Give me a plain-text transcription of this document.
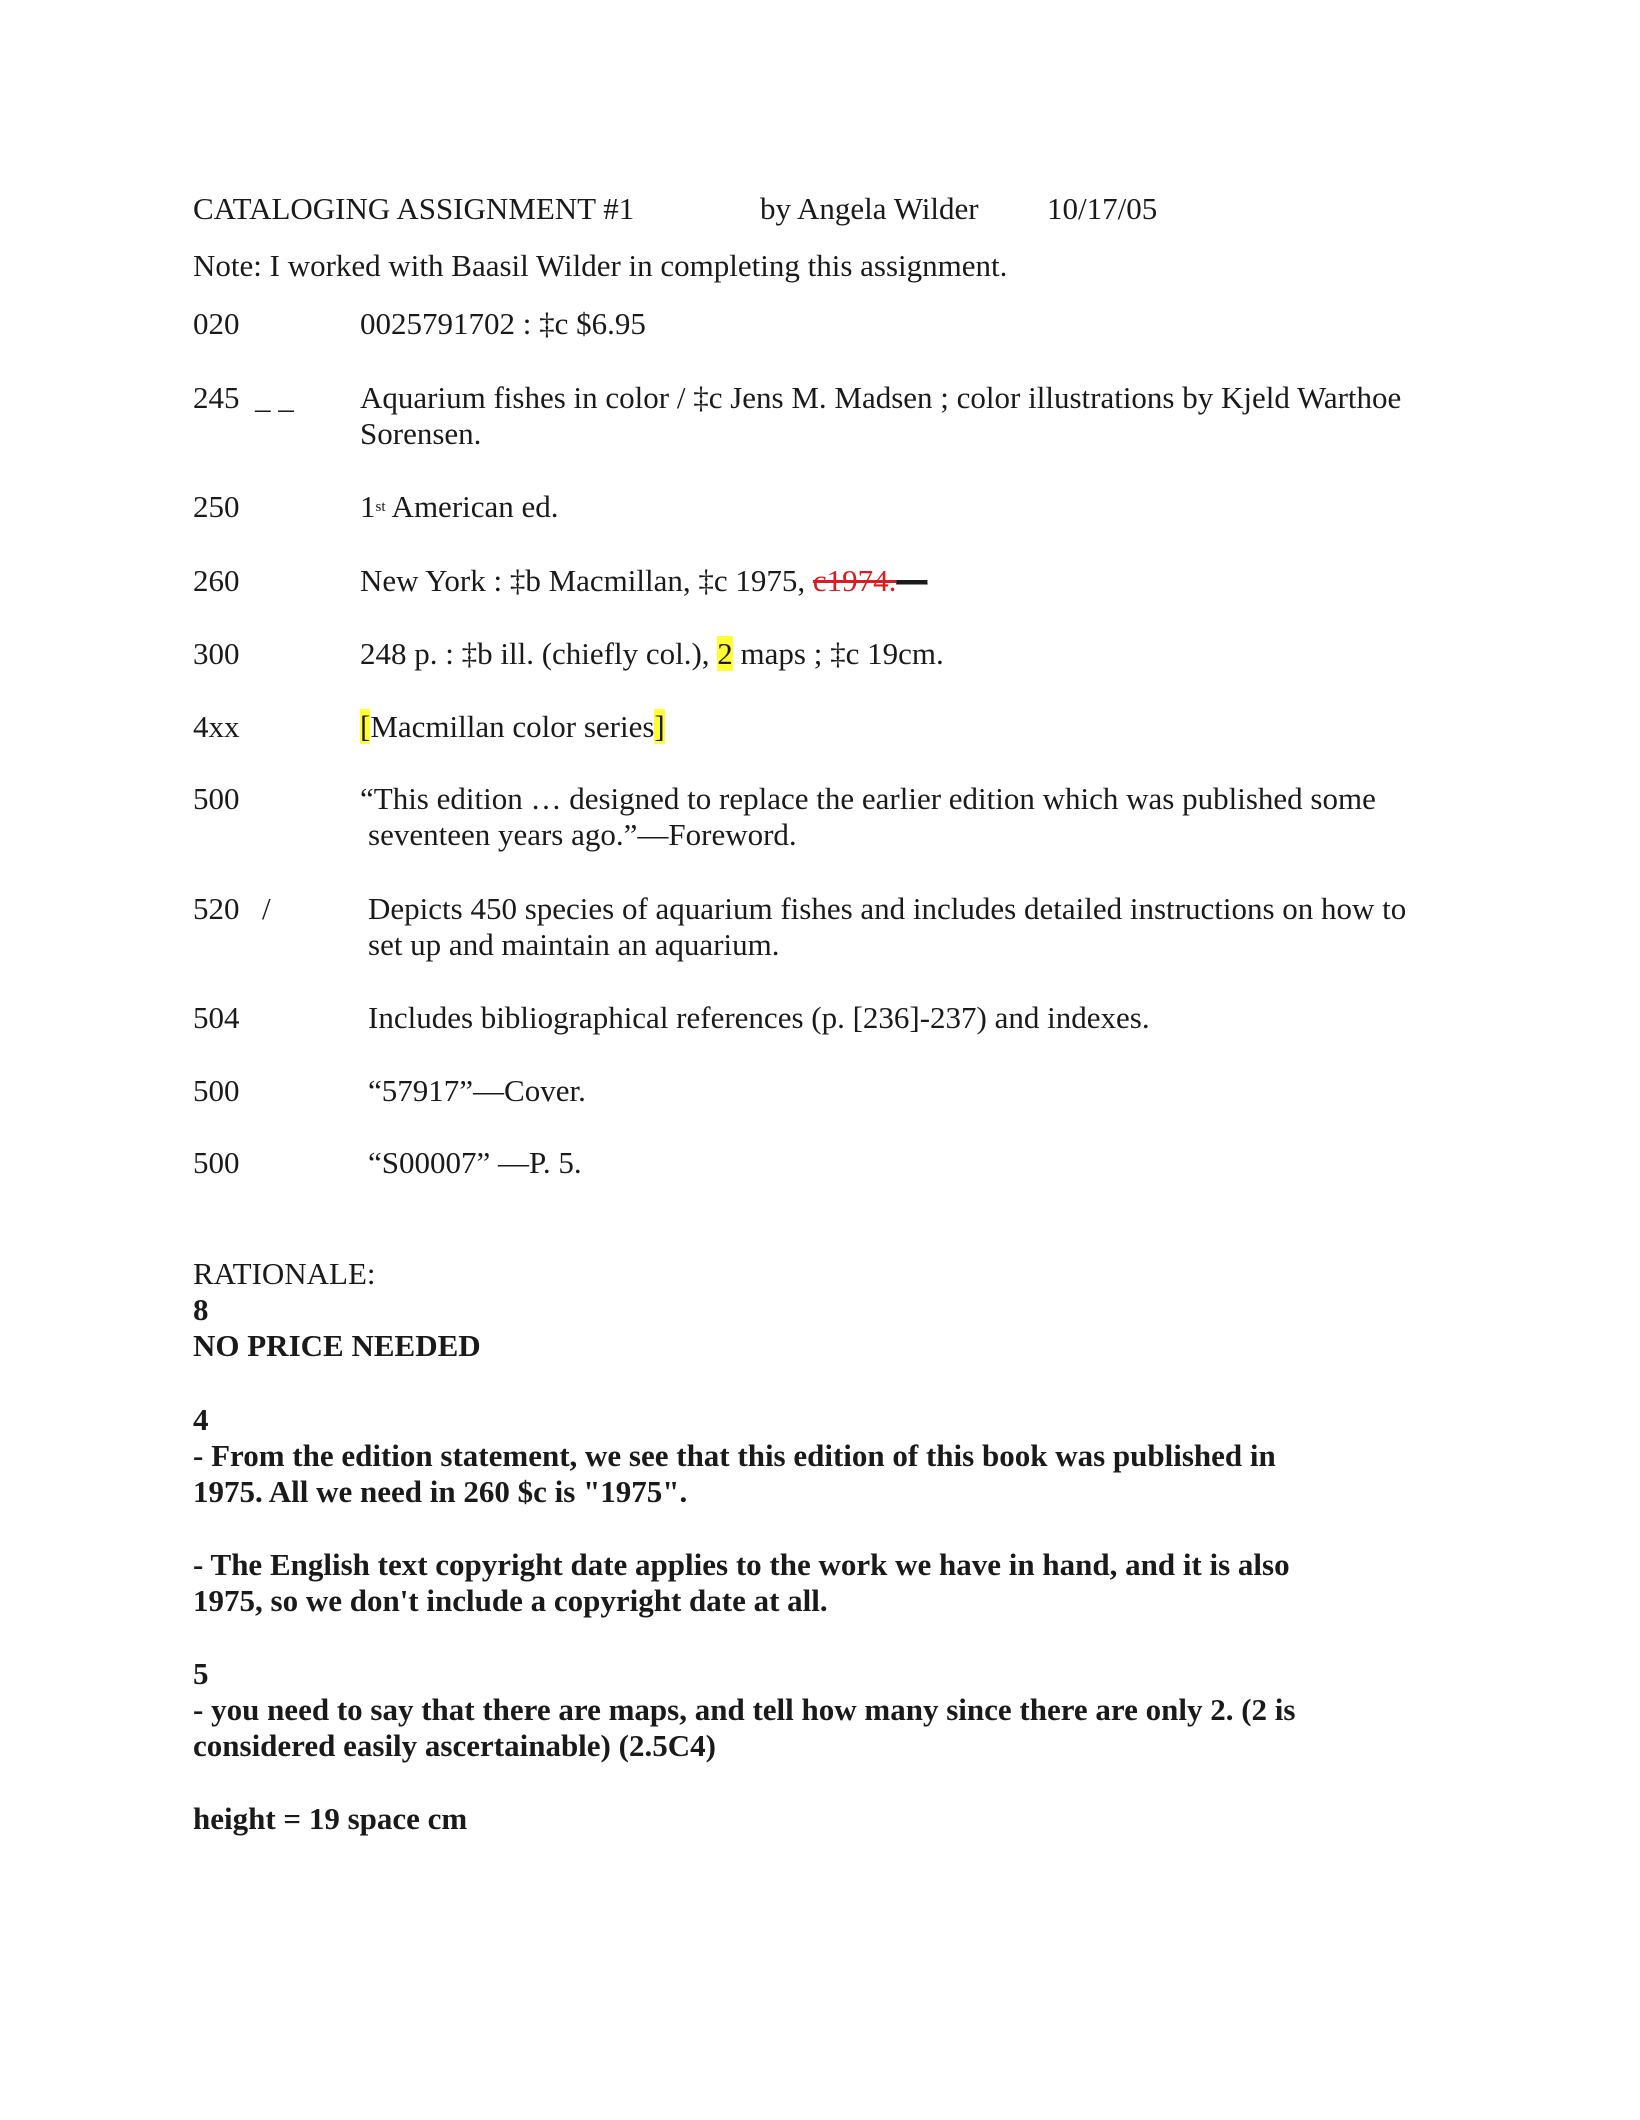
CATALOGING ASSIGNMENT #1	by Angela Wilder 10/17/05
Note: I worked with Baasil Wilder in completing this assignment.
020	0025791702 : ‡c $6.95
245 _ _ Aquarium fishes in color / ‡c Jens M. Madsen ; color illustrations by Kjeld Warthoe Sorensen.
250	1st American ed.
260	New York : ‡b Macmillan, ‡c 1975, c1974.—
300	248 p. : ‡b ill. (chiefly col.), 2 maps ; ‡c 19cm.
4xx	[Macmillan color series]
500	“This edition … designed to replace the earlier edition which was published some
seventeen years ago.”—Foreword.
520 /	Depicts 450 species of aquarium fishes and includes detailed instructions on how to
set up and maintain an aquarium.
504	Includes bibliographical references (p. [236]-237) and indexes.
500	“57917”—Cover.
500	“S00007” —P. 5.
RATIONALE:
8
NO PRICE NEEDED
4
- From the edition statement, we see that this edition of this book was published in
1975. All we need in 260 $c is "1975".
- The English text copyright date applies to the work we have in hand, and it is also
1975, so we don't include a copyright date at all.
5
- you need to say that there are maps, and tell how many since there are only 2. (2 is
considered easily ascertainable) (2.5C4)
height = 19 space cm
